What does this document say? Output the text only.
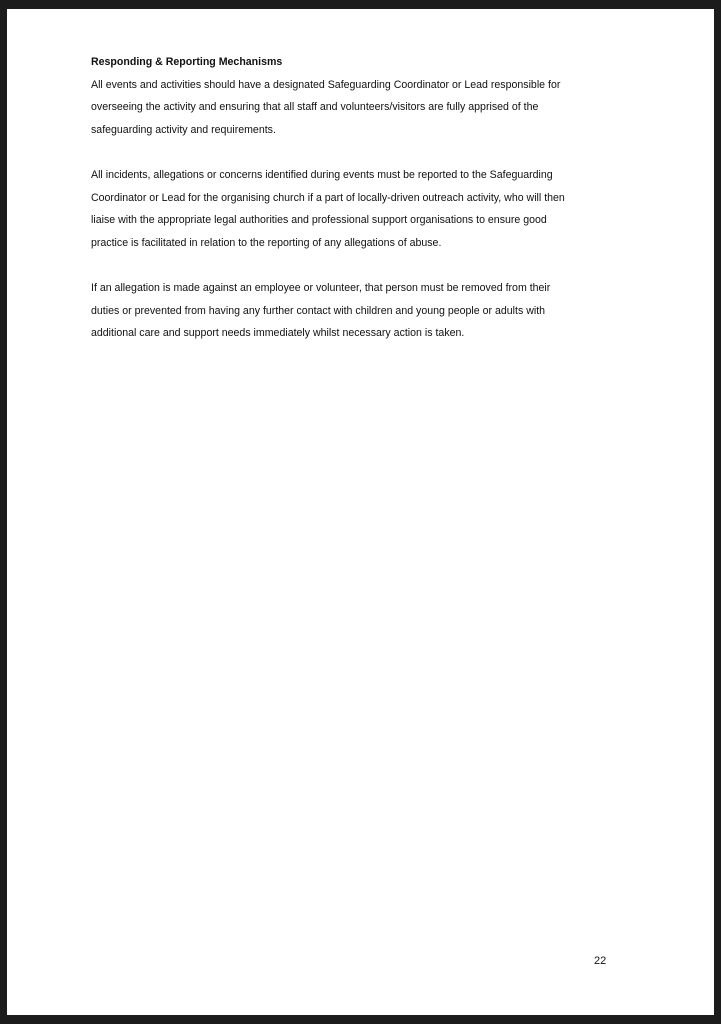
Responding & Reporting Mechanisms

All events and activities should have a designated Safeguarding Coordinator or Lead responsible for
overseeing the activity and ensuring that all staff and volunteers/visitors are fully apprised of the
safeguarding activity and requirements.

All incidents, allegations or concerns identified during events must be reported to the Safeguarding
Coordinator or Lead for the organising church if a part of locally-driven outreach activity, who will then
liaise with the appropriate legal authorities and professional support organisations to ensure good
practice is facilitated in relation to the reporting of any allegations of abuse.

If an allegation is made against an employee or volunteer, that person must be removed from their
duties or prevented from having any further contact with children and young people or adults with
additional care and support needs immediately whilst necessary action is taken.

22
